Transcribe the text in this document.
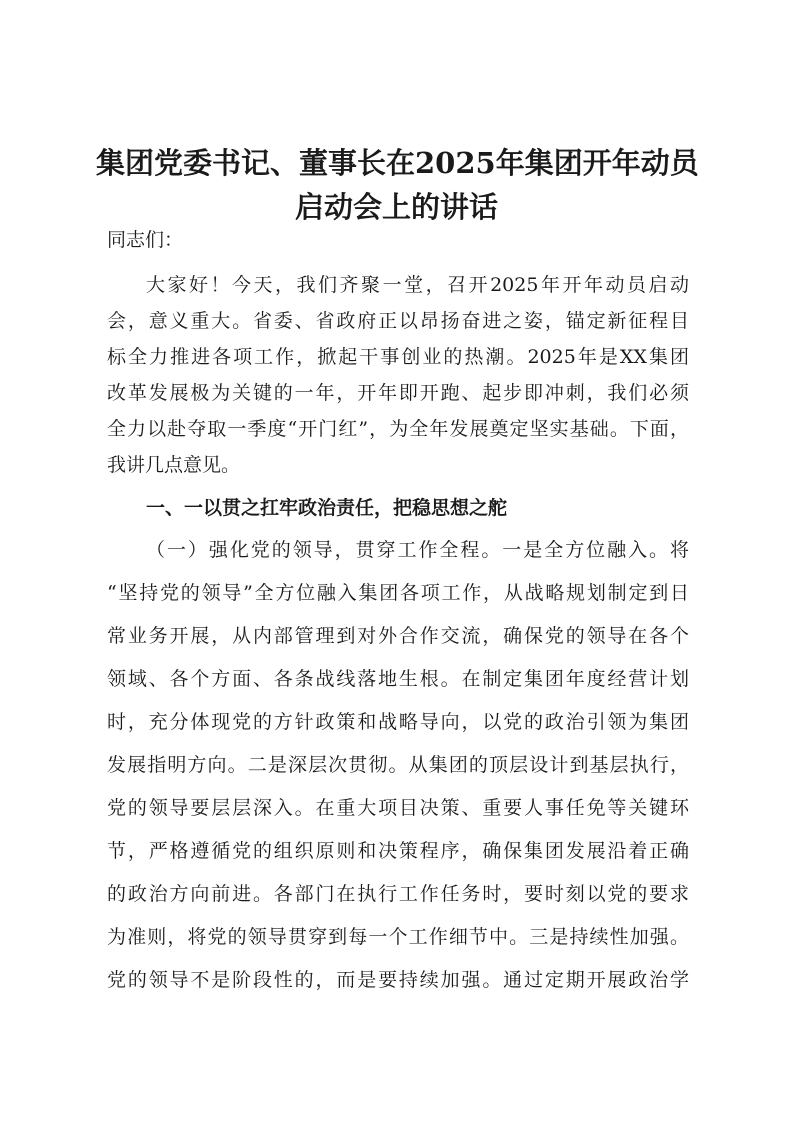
集团党委书记、董事长在2025年集团开年动员
启动会上的讲话
同志们：
大家好！今天，我们齐聚一堂，召开2025年开年动员启动
会，意义重大。省委、省政府正以昂扬奋进之姿，锚定新征程目
标全力推进各项工作，掀起干事创业的热潮。2025年是XX集团
改革发展极为关键的一年，开年即开跑、起步即冲刺，我们必须
全力以赴夺取一季度“开门红”，为全年发展奠定坚实基础。下面，
我讲几点意见。
一、一以贯之扛牢政治责任，把稳思想之舵
（一）强化党的领导，贯穿工作全程。一是全方位融入。将
“坚持党的领导”全方位融入集团各项工作，从战略规划制定到日
常业务开展，从内部管理到对外合作交流，确保党的领导在各个
领域、各个方面、各条战线落地生根。在制定集团年度经营计划
时，充分体现党的方针政策和战略导向，以党的政治引领为集团
发展指明方向。二是深层次贯彻。从集团的顶层设计到基层执行，
党的领导要层层深入。在重大项目决策、重要人事任免等关键环
节，严格遵循党的组织原则和决策程序，确保集团发展沿着正确
的政治方向前进。各部门在执行工作任务时，要时刻以党的要求
为准则，将党的领导贯穿到每一个工作细节中。三是持续性加强。
党的领导不是阶段性的，而是要持续加强。通过定期开展政治学
